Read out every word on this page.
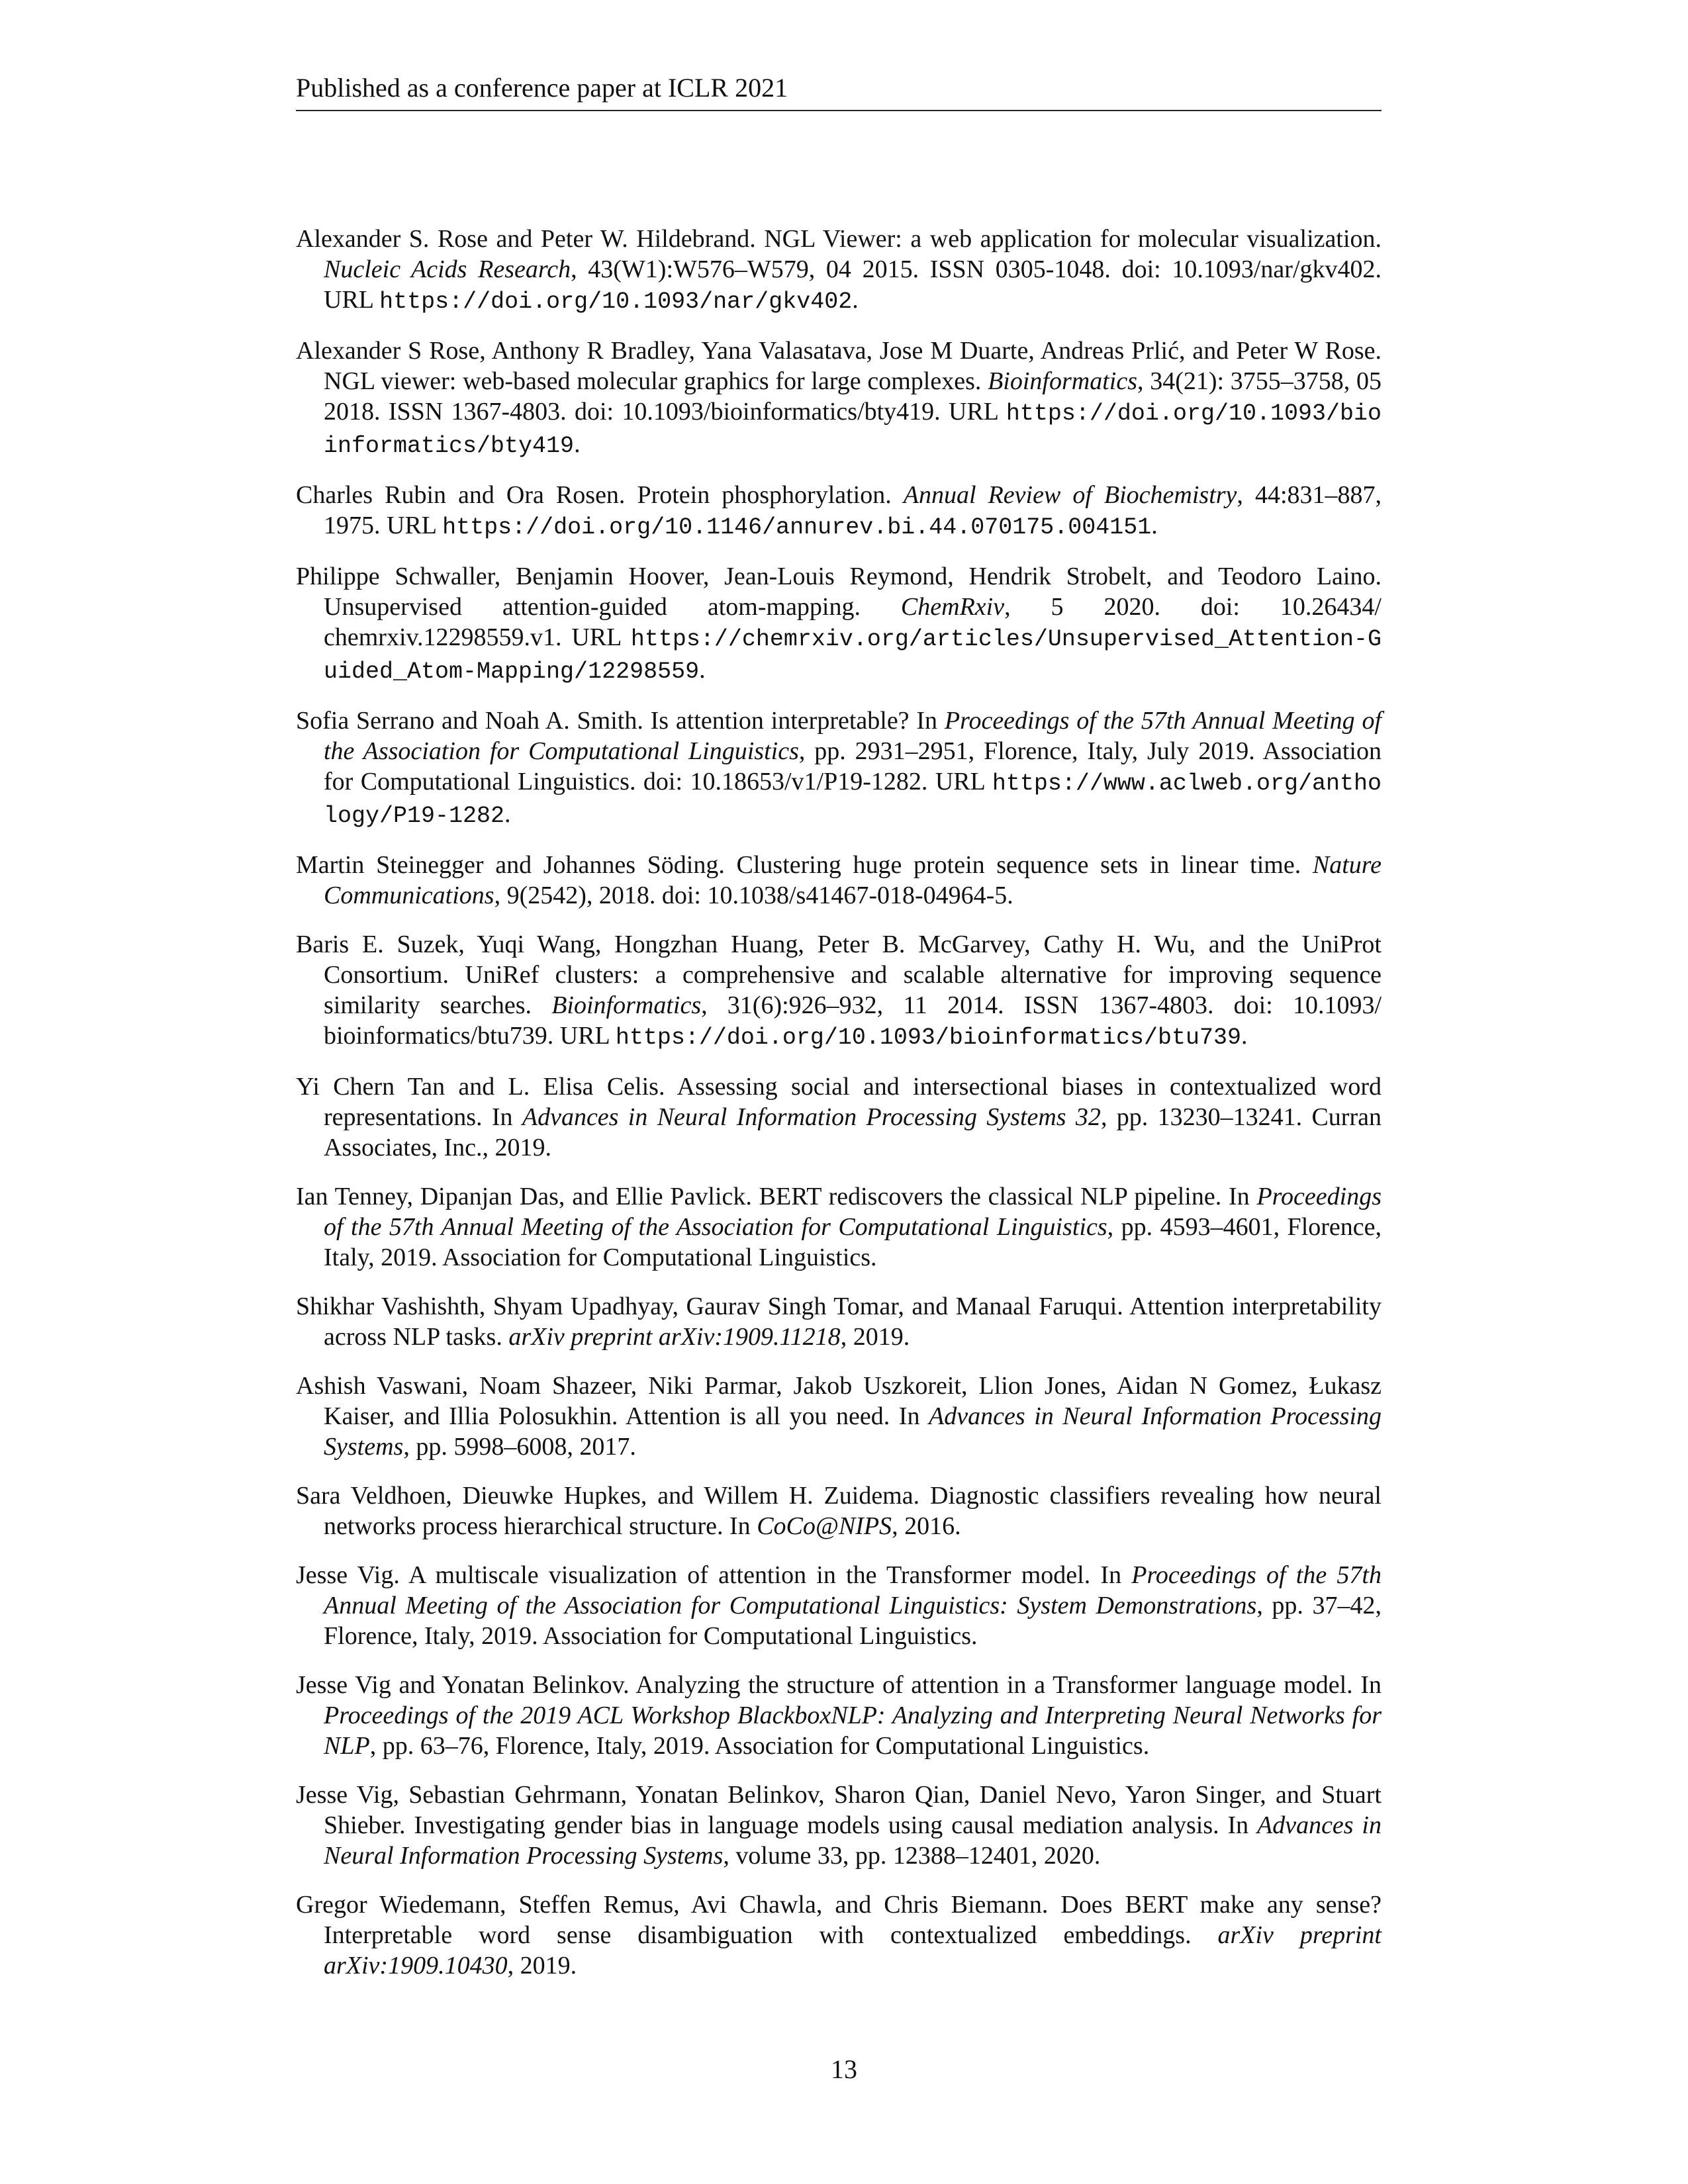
Published as a conference paper at ICLR 2021

Alexander S. Rose and Peter W. Hildebrand. NGL Viewer: a web application for molecular visualization. Nucleic Acids Research, 43(W1):W576–W579, 04 2015. ISSN 0305-1048. doi: 10.1093/nar/gkv402. URL https://doi.org/10.1093/nar/gkv402.

Alexander S Rose, Anthony R Bradley, Yana Valasatava, Jose M Duarte, Andreas Prlić, and Peter W Rose. NGL viewer: web-based molecular graphics for large complexes. Bioinformatics, 34(21): 3755–3758, 05 2018. ISSN 1367-4803. doi: 10.1093/bioinformatics/bty419. URL https://doi.org/10.1093/bioinformatics/bty419.

Charles Rubin and Ora Rosen. Protein phosphorylation. Annual Review of Biochemistry, 44:831–887, 1975. URL https://doi.org/10.1146/annurev.bi.44.070175.004151.

Philippe Schwaller, Benjamin Hoover, Jean-Louis Reymond, Hendrik Strobelt, and Teodoro Laino. Unsupervised attention-guided atom-mapping. ChemRxiv, 5 2020. doi: 10.26434/ chemrxiv.12298559.v1. URL https://chemrxiv.org/articles/Unsupervised_Attention-Guided_Atom-Mapping/12298559.

Sofia Serrano and Noah A. Smith. Is attention interpretable? In Proceedings of the 57th Annual Meeting of the Association for Computational Linguistics, pp. 2931–2951, Florence, Italy, July 2019. Association for Computational Linguistics. doi: 10.18653/v1/P19-1282. URL https://www.aclweb.org/anthology/P19-1282.

Martin Steinegger and Johannes Söding. Clustering huge protein sequence sets in linear time. Nature Communications, 9(2542), 2018. doi: 10.1038/s41467-018-04964-5.

Baris E. Suzek, Yuqi Wang, Hongzhan Huang, Peter B. McGarvey, Cathy H. Wu, and the UniProt Consortium. UniRef clusters: a comprehensive and scalable alternative for improving sequence similarity searches. Bioinformatics, 31(6):926–932, 11 2014. ISSN 1367-4803. doi: 10.1093/ bioinformatics/btu739. URL https://doi.org/10.1093/bioinformatics/btu739.

Yi Chern Tan and L. Elisa Celis. Assessing social and intersectional biases in contextualized word representations. In Advances in Neural Information Processing Systems 32, pp. 13230–13241. Curran Associates, Inc., 2019.

Ian Tenney, Dipanjan Das, and Ellie Pavlick. BERT rediscovers the classical NLP pipeline. In Proceedings of the 57th Annual Meeting of the Association for Computational Linguistics, pp. 4593–4601, Florence, Italy, 2019. Association for Computational Linguistics.

Shikhar Vashishth, Shyam Upadhyay, Gaurav Singh Tomar, and Manaal Faruqui. Attention interpretability across NLP tasks. arXiv preprint arXiv:1909.11218, 2019.

Ashish Vaswani, Noam Shazeer, Niki Parmar, Jakob Uszkoreit, Llion Jones, Aidan N Gomez, Łukasz Kaiser, and Illia Polosukhin. Attention is all you need. In Advances in Neural Information Processing Systems, pp. 5998–6008, 2017.

Sara Veldhoen, Dieuwke Hupkes, and Willem H. Zuidema. Diagnostic classifiers revealing how neural networks process hierarchical structure. In CoCo@NIPS, 2016.

Jesse Vig. A multiscale visualization of attention in the Transformer model. In Proceedings of the 57th Annual Meeting of the Association for Computational Linguistics: System Demonstrations, pp. 37–42, Florence, Italy, 2019. Association for Computational Linguistics.

Jesse Vig and Yonatan Belinkov. Analyzing the structure of attention in a Transformer language model. In Proceedings of the 2019 ACL Workshop BlackboxNLP: Analyzing and Interpreting Neural Networks for NLP, pp. 63–76, Florence, Italy, 2019. Association for Computational Linguistics.

Jesse Vig, Sebastian Gehrmann, Yonatan Belinkov, Sharon Qian, Daniel Nevo, Yaron Singer, and Stuart Shieber. Investigating gender bias in language models using causal mediation analysis. In Advances in Neural Information Processing Systems, volume 33, pp. 12388–12401, 2020.

Gregor Wiedemann, Steffen Remus, Avi Chawla, and Chris Biemann. Does BERT make any sense? Interpretable word sense disambiguation with contextualized embeddings. arXiv preprint arXiv:1909.10430, 2019.

13
